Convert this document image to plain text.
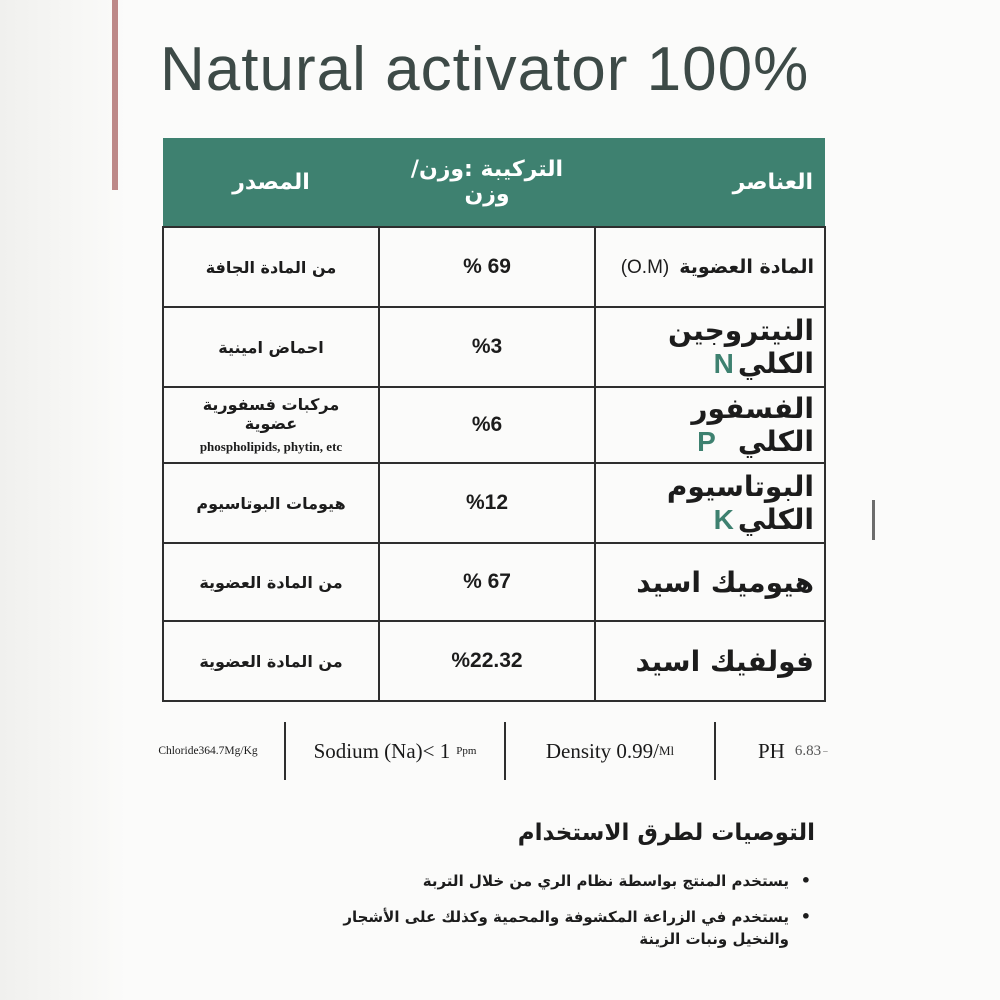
Natural activator 100%
المصدر	التركيبة :وزن/وزن	العناصر
من المادة الجافة	% 69	المادة العضوية(O.M)
احماض امينية	%3	النيتروجين الكليN
مركبات فسفورية عضوية
phospholipids, phytin, etc	%6	الفسفور الكليP
هيومات البوتاسيوم	%12	البوتاسيوم الكليK
من المادة العضوية	% 67	هيوميك اسيد
من المادة العضوية	%22.32	فولفيك اسيد
Chloride364.7Mg/Kg	Sodium (Na)< 1 Ppm	Density 0.99/ Ml	PH 6.83 –
التوصيات لطرق الاستخدام
•
يستخدم المنتج بواسطة نظام الري من خلال التربة
•
يستخدم في الزراعة المكشوفة والمحمية وكذلك على الأشجار والنخيل ونبات الزينة
